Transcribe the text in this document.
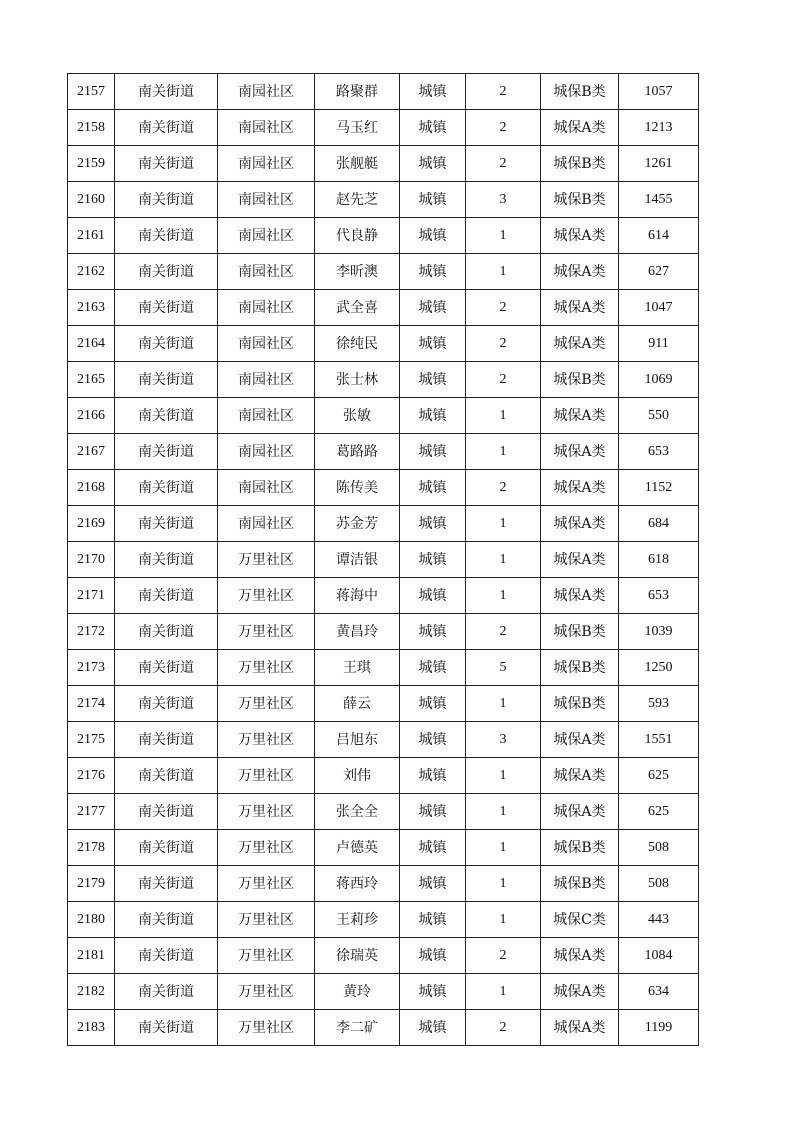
2157	南关街道	南园社区	路聚群	城镇	2	城保B类	1057
2158	南关街道	南园社区	马玉红	城镇	2	城保A类	1213
2159	南关街道	南园社区	张舰艇	城镇	2	城保B类	1261
2160	南关街道	南园社区	赵先芝	城镇	3	城保B类	1455
2161	南关街道	南园社区	代良静	城镇	1	城保A类	614
2162	南关街道	南园社区	李昕澳	城镇	1	城保A类	627
2163	南关街道	南园社区	武全喜	城镇	2	城保A类	1047
2164	南关街道	南园社区	徐纯民	城镇	2	城保A类	911
2165	南关街道	南园社区	张士林	城镇	2	城保B类	1069
2166	南关街道	南园社区	张敏	城镇	1	城保A类	550
2167	南关街道	南园社区	葛路路	城镇	1	城保A类	653
2168	南关街道	南园社区	陈传美	城镇	2	城保A类	1152
2169	南关街道	南园社区	苏金芳	城镇	1	城保A类	684
2170	南关街道	万里社区	谭洁银	城镇	1	城保A类	618
2171	南关街道	万里社区	蒋海中	城镇	1	城保A类	653
2172	南关街道	万里社区	黄昌玲	城镇	2	城保B类	1039
2173	南关街道	万里社区	王琪	城镇	5	城保B类	1250
2174	南关街道	万里社区	薛云	城镇	1	城保B类	593
2175	南关街道	万里社区	吕旭东	城镇	3	城保A类	1551
2176	南关街道	万里社区	刘伟	城镇	1	城保A类	625
2177	南关街道	万里社区	张全全	城镇	1	城保A类	625
2178	南关街道	万里社区	卢德英	城镇	1	城保B类	508
2179	南关街道	万里社区	蒋西玲	城镇	1	城保B类	508
2180	南关街道	万里社区	王莉珍	城镇	1	城保C类	443
2181	南关街道	万里社区	徐瑞英	城镇	2	城保A类	1084
2182	南关街道	万里社区	黄玲	城镇	1	城保A类	634
2183	南关街道	万里社区	李二矿	城镇	2	城保A类	1199
